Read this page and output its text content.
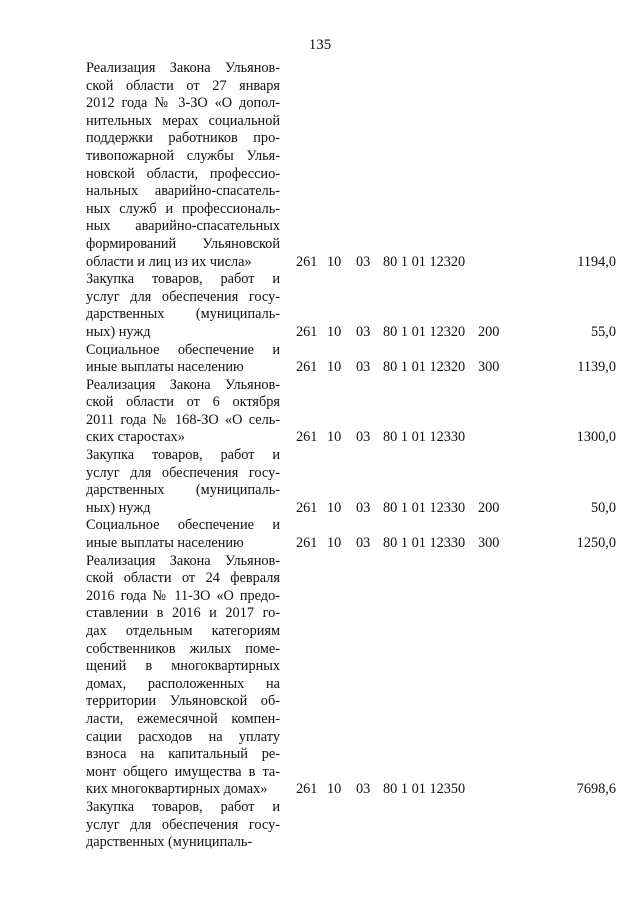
135
Реализация Закона Ульянов-
ской области от 27 января
2012 года № 3-ЗО «О допол-
нительных мерах социальной
поддержки работников про-
тивопожарной службы Улья-
новской области, профессио-
нальных аварийно-спасатель-
ных служб и профессиональ-
ных аварийно-спасательных
формирований Ульяновской
области и лиц из их числа»	261 10 03 80 1 01 12320	1194,0
Закупка товаров, работ и
услуг для обеспечения госу-
дарственных (муниципаль-
ных) нужд	261 10 03 80 1 01 12320 200	55,0
Социальное обеспечение и
иные выплаты населению	261 10 03 80 1 01 12320 300	1139,0
Реализация Закона Ульянов-
ской области от 6 октября
2011 года № 168-ЗО «О сель-
ских старостах»	261 10 03 80 1 01 12330	1300,0
Закупка товаров, работ и
услуг для обеспечения госу-
дарственных (муниципаль-
ных) нужд	261 10 03 80 1 01 12330 200	50,0
Социальное обеспечение и
иные выплаты населению	261 10 03 80 1 01 12330 300	1250,0
Реализация Закона Ульянов-
ской области от 24 февраля
2016 года № 11-ЗО «О предо-
ставлении в 2016 и 2017 го-
дах отдельным категориям
собственников жилых поме-
щений в многоквартирных
домах, расположенных на
территории Ульяновской об-
ласти, ежемесячной компен-
сации расходов на уплату
взноса на капитальный ре-
монт общего имущества в та-
ких многоквартирных домах»	261 10 03 80 1 01 12350	7698,6
Закупка товаров, работ и
услуг для обеспечения госу-
дарственных (муниципаль-
